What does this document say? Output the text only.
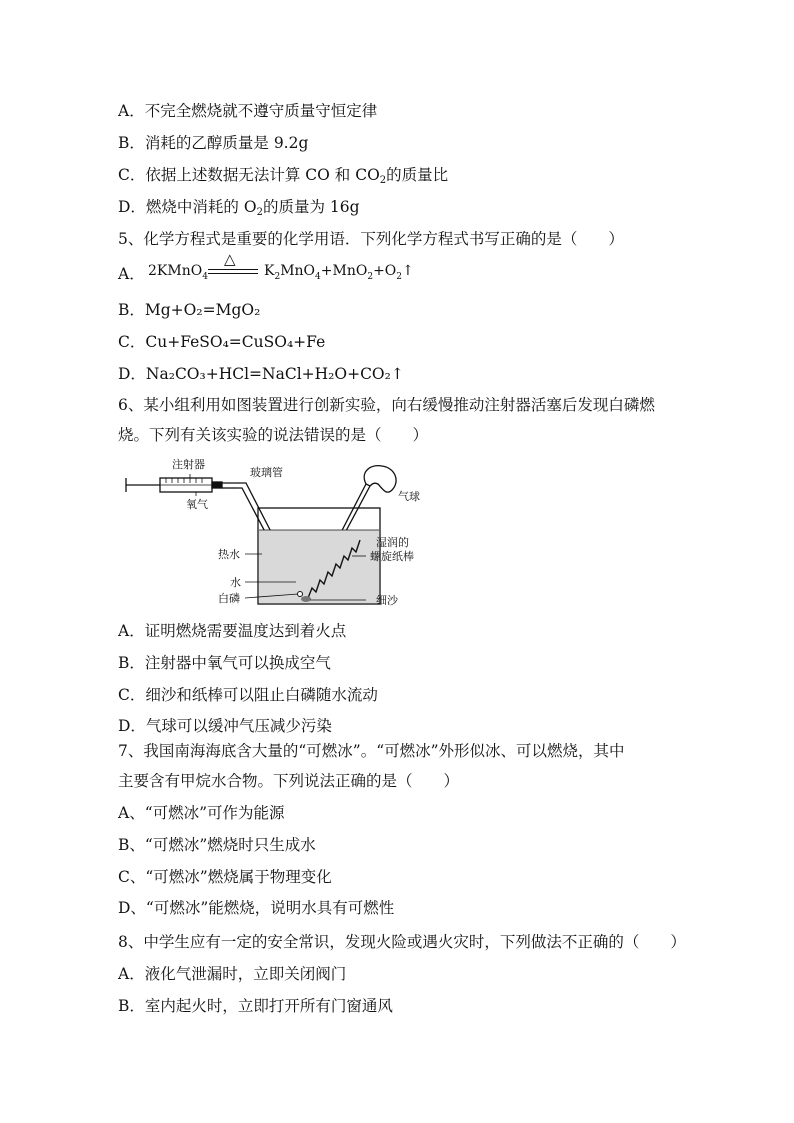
A．不完全燃烧就不遵守质量守恒定律
B．消耗的乙醇质量是 9.2g
C．依据上述数据无法计算 CO 和 $CO_2$的质量比
D．燃烧中消耗的 $O_2$的质量为 16g
5、化学方程式是重要的化学用语．下列化学方程式书写正确的是（　　）
A． 2KMnO$_4$
△
$K_2MnO_4+MnO_2+O_2↑$
B．Mg+O₂=MgO₂
C．Cu+FeSO₄=CuSO₄+Fe
D．Na₂CO₃+HCl=NaCl+H₂O+CO₂↑
6、某小组利用如图装置进行创新实验，向右缓慢推动注射器活塞后发现白磷燃
烧。下列有关该实验的说法错误的是（　　）
注射器
氧气
玻璃管
气球
热水
水
白磷
湿润的
螺旋纸棒
细沙
A．证明燃烧需要温度达到着火点
B．注射器中氧气可以换成空气
C．细沙和纸棒可以阻止白磷随水流动
D．气球可以缓冲气压减少污染
7、我国南海海底含大量的“可燃冰”。“可燃冰”外形似冰、可以燃烧，其中
主要含有甲烷水合物。下列说法正确的是（　　）
A、“可燃冰”可作为能源
B、“可燃冰”燃烧时只生成水
C、“可燃冰”燃烧属于物理变化
D、“可燃冰”能燃烧，说明水具有可燃性
8、中学生应有一定的安全常识，发现火险或遇火灾时，下列做法不正确的（　　）
A．液化气泄漏时，立即关闭阀门
B．室内起火时，立即打开所有门窗通风
